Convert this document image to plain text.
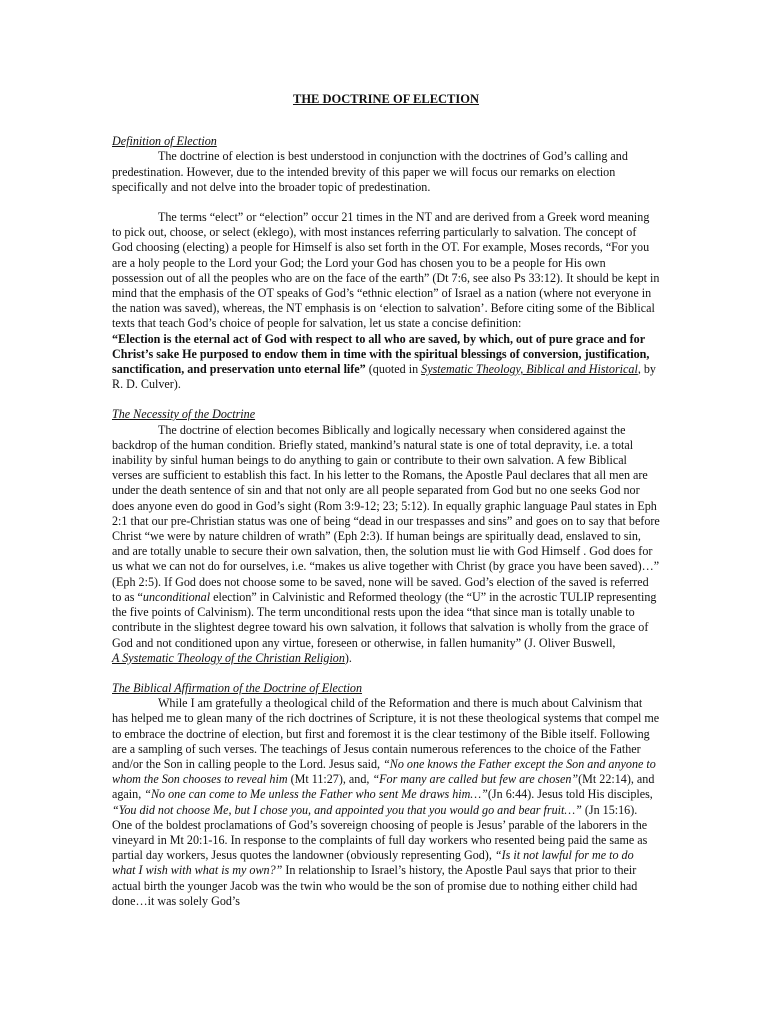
THE DOCTRINE OF ELECTION
Definition of Election

The doctrine of election is best understood in conjunction with the doctrines of God’s calling and predestination. However, due to the intended brevity of this paper we will focus our remarks on election specifically and not delve into the broader topic of predestination.

The terms “elect” or “election” occur 21 times in the NT and are derived from a Greek word meaning to pick out, choose, or select (eklego), with most instances referring particularly to salvation. The concept of God choosing (electing) a people for Himself is also set forth in the OT. For example, Moses records, “For you are a holy people to the Lord your God; the Lord your God has chosen you to be a people for His own possession out of all the peoples who are on the face of the earth” (Dt 7:6, see also Ps 33:12). It should be kept in mind that the emphasis of the OT speaks of God’s “ethnic election” of Israel as a nation (where not everyone in the nation was saved), whereas, the NT emphasis is on ‘election to salvation’. Before citing some of the Biblical texts that teach God’s choice of people for salvation, let us state a concise definition:

“Election is the eternal act of God with respect to all who are saved, by which, out of pure grace and for Christ’s sake He purposed to endow them in time with the spiritual blessings of conversion, justification, sanctification, and preservation unto eternal life” (quoted in Systematic Theology, Biblical and Historical, by R. D. Culver).

The Necessity of the Doctrine

The doctrine of election becomes Biblically and logically necessary when considered against the backdrop of the human condition. Briefly stated, mankind’s natural state is one of total depravity, i.e. a total inability by sinful human beings to do anything to gain or contribute to their own salvation. A few Biblical verses are sufficient to establish this fact. In his letter to the Romans, the Apostle Paul declares that all men are under the death sentence of sin and that not only are all people separated from God but no one seeks God nor does anyone even do good in God’s sight (Rom 3:9-12; 23; 5:12). In equally graphic language Paul states in Eph 2:1 that our pre-Christian status was one of being “dead in our trespasses and sins” and goes on to say that before Christ “we were by nature children of wrath” (Eph 2:3). If human beings are spiritually dead, enslaved to sin, and are totally unable to secure their own salvation, then, the solution must lie with God Himself . God does for us what we can not do for ourselves, i.e. “makes us alive together with Christ (by grace you have been saved)…” (Eph 2:5). If God does not choose some to be saved, none will be saved. God’s election of the saved is referred to as “unconditional election” in Calvinistic and Reformed theology (the “U” in the acrostic TULIP representing the five points of Calvinism). The term unconditional rests upon the idea “that since man is totally unable to contribute in the slightest degree toward his own salvation, it follows that salvation is wholly from the grace of God and not conditioned upon any virtue, foreseen or otherwise, in fallen humanity” (J. Oliver Buswell,
A Systematic Theology of the Christian Religion).

The Biblical Affirmation of the Doctrine of Election

While I am gratefully a theological child of the Reformation and there is much about Calvinism that has helped me to glean many of the rich doctrines of Scripture, it is not these theological systems that compel me to embrace the doctrine of election, but first and foremost it is the clear testimony of the Bible itself. Following are a sampling of such verses. The teachings of Jesus contain numerous references to the choice of the Father and/or the Son in calling people to the Lord. Jesus said, “No one knows the Father except the Son and anyone to whom the Son chooses to reveal him (Mt 11:27), and, “For many are called but few are chosen”(Mt 22:14), and again, “No one can come to Me unless the Father who sent Me draws him…”(Jn 6:44). Jesus told His disciples, “You did not choose Me, but I chose you, and appointed you that you would go and bear fruit…” (Jn 15:16). One of the boldest proclamations of God’s sovereign choosing of people is Jesus’ parable of the laborers in the vineyard in Mt 20:1-16. In response to the complaints of full day workers who resented being paid the same as partial day workers, Jesus quotes the landowner (obviously representing God), “Is it not lawful for me to do what I wish with what is my own?” In relationship to Israel’s history, the Apostle Paul says that prior to their actual birth the younger Jacob was the twin who would be the son of promise due to nothing either child had done…it was solely God’s
